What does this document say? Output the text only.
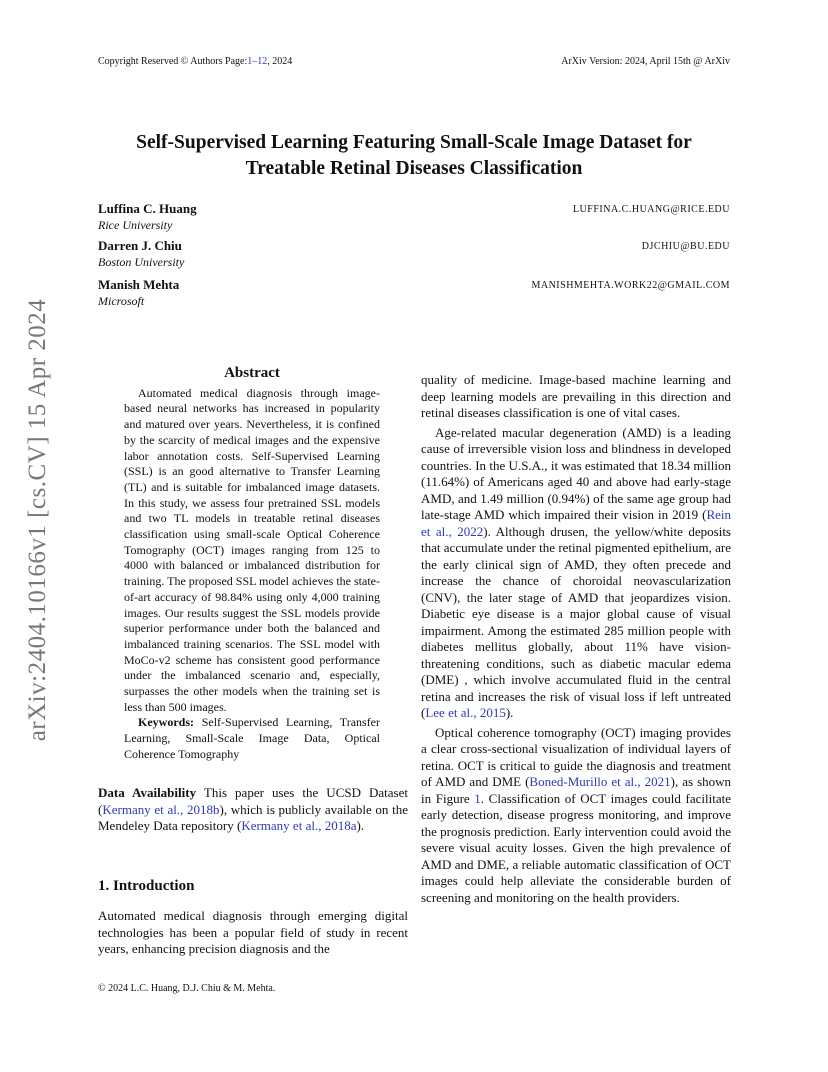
Copyright Reserved © Authors Page:1–12, 2024	ArXiv Version: 2024, April 15th @ ArXiv
Self-Supervised Learning Featuring Small-Scale Image Dataset for
Treatable Retinal Diseases Classification
Luffina C. Huang
Rice University
LUFFINA.C.HUANG@RICE.EDU
Darren J. Chiu
Boston University
DJCHIU@BU.EDU
Manish Mehta
Microsoft
MANISHMEHTA.WORK22@GMAIL.COM
arXiv:2404.10166v1 [cs.CV] 15 Apr 2024	Abstract

Automated medical diagnosis through image-based neural networks has increased in popularity and matured over years. Nevertheless, it is confined by the scarcity of medical images and the expensive labor annotation costs. Self-Supervised Learning (SSL) is an good alternative to Transfer Learning (TL) and is suitable for imbalanced image datasets. In this study, we assess four pretrained SSL models and two TL models in treatable retinal diseases classification using small-scale Optical Coherence Tomography (OCT) images ranging from 125 to 4000 with balanced or imbalanced distribution for training. The proposed SSL model achieves the state-of-art accuracy of 98.84% using only 4,000 training images. Our results suggest the SSL models provide superior performance under both the balanced and imbalanced training scenarios. The SSL model with MoCo-v2 scheme has consistent good performance under the imbalanced scenario and, especially, surpasses the other models when the training set is less than 500 images.

Keywords: Self-Supervised Learning, Transfer Learning, Small-Scale Image Data, Optical Coherence Tomography

Data Availability This paper uses the UCSD Dataset (Kermany et al., 2018b), which is publicly available on the Mendeley Data repository (Kermany et al., 2018a).
1. Introduction
Automated medical diagnosis through emerging digital technologies has been a popular field of study in recent years, enhancing precision diagnosis and the

quality of medicine. Image-based machine learning and deep learning models are prevailing in this direction and retinal diseases classification is one of vital cases.

Age-related macular degeneration (AMD) is a leading cause of irreversible vision loss and blindness in developed countries. In the U.S.A., it was estimated that 18.34 million (11.64%) of Americans aged 40 and above had early-stage AMD, and 1.49 million (0.94%) of the same age group had late-stage AMD which impaired their vision in 2019 (Rein et al., 2022). Although drusen, the yellow/white deposits that accumulate under the retinal pigmented epithelium, are the early clinical sign of AMD, they often precede and increase the chance of choroidal neovascularization (CNV), the later stage of AMD that jeopardizes vision. Diabetic eye disease is a major global cause of visual impairment. Among the estimated 285 million people with diabetes mellitus globally, about 11% have vision-threatening conditions, such as diabetic macular edema (DME) , which involve accumulated fluid in the central retina and increases the risk of visual loss if left untreated (Lee et al., 2015).

Optical coherence tomography (OCT) imaging provides a clear cross-sectional visualization of individual layers of retina. OCT is critical to guide the diagnosis and treatment of AMD and DME (Boned-Murillo et al., 2021), as shown in Figure 1. Classification of OCT images could facilitate early detection, disease progress monitoring, and improve the prognosis prediction. Early intervention could avoid the severe visual acuity losses. Given the high prevalence of AMD and DME, a reliable automatic classification of OCT images could help alleviate the considerable burden of screening and monitoring on the health providers.

© 2024 L.C. Huang, D.J. Chiu & M. Mehta.
